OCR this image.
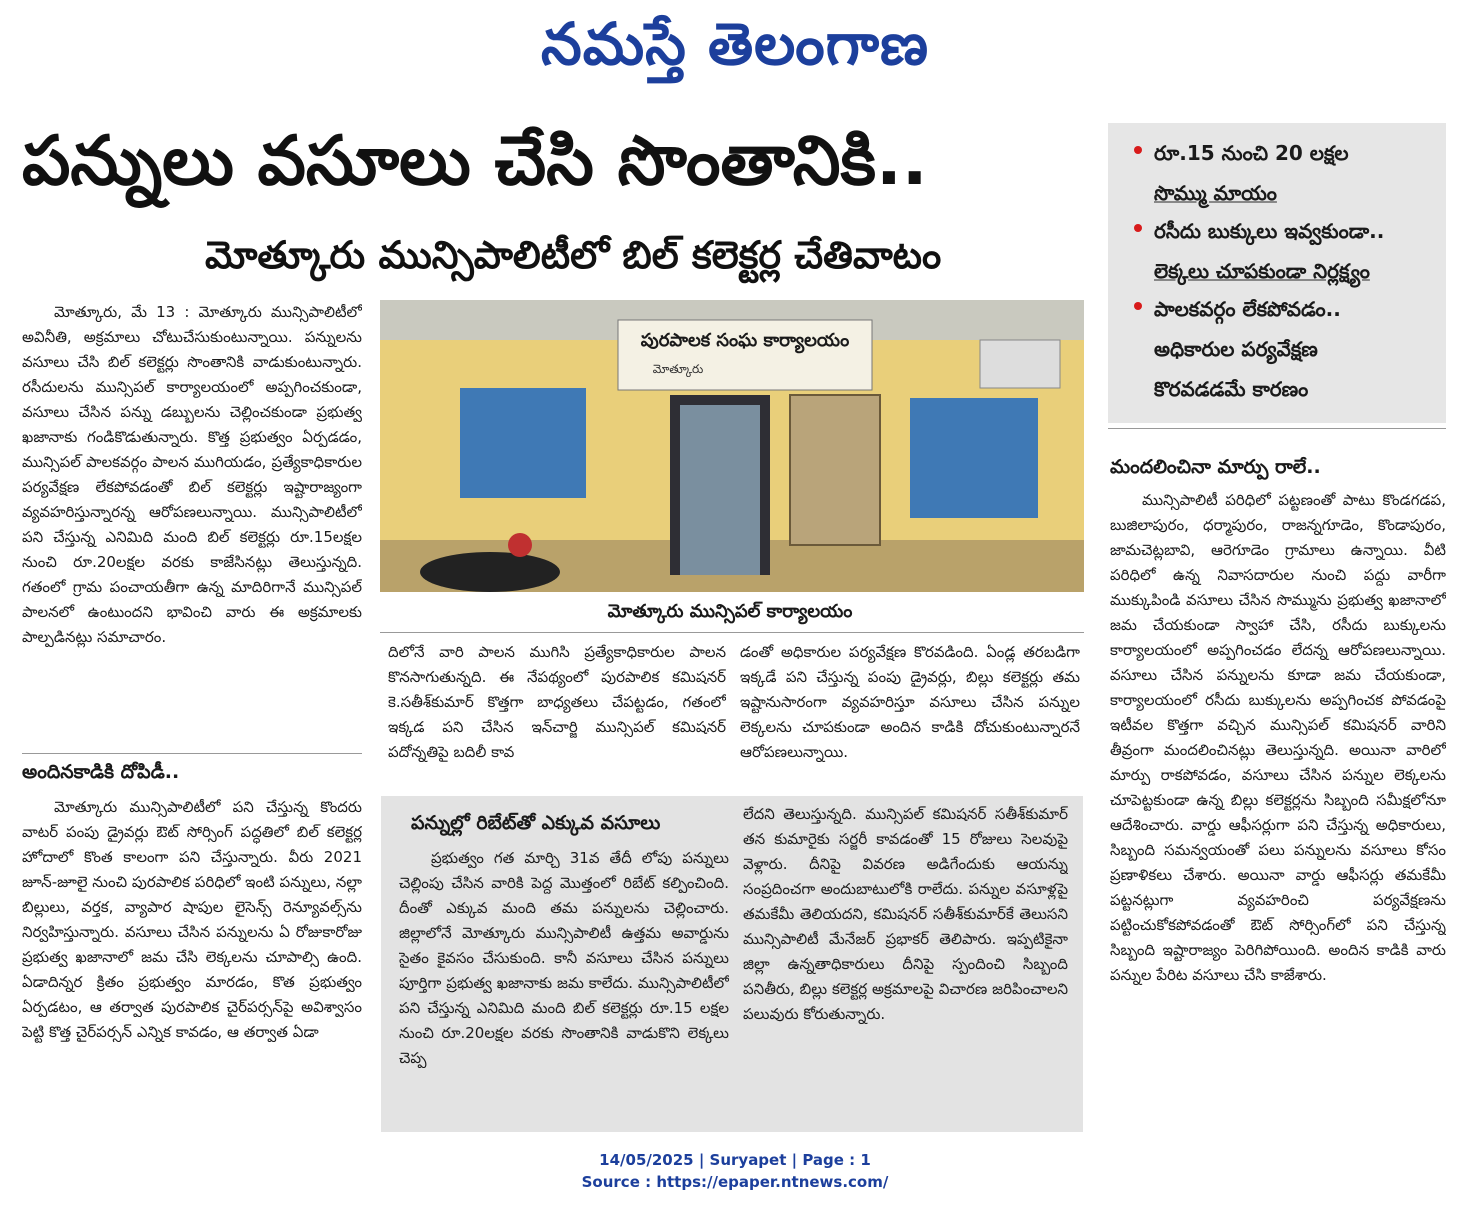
నమస్తే తెలంగాణ
పన్నులు వసూలు చేసి సొంతానికి..
మోత్కూరు మున్సిపాలిటీలో బిల్ కలెక్టర్ల చేతివాటం
రూ.15 నుంచి 20 లక్షల
సొమ్ము మాయం
రసీదు బుక్కులు ఇవ్వకుండా..
లెక్కలు చూపకుండా నిర్లక్ష్యం
పాలకవర్గం లేకపోవడం..
అధికారుల పర్యవేక్షణ
కొరవడడమే కారణం

మోత్కూరు, మే 13 : మోత్కూరు మున్సిపాలిటీలో అవినీతి, అక్రమాలు చోటుచేసుకుంటున్నాయి. పన్నులను వసూలు చేసి బిల్ కలెక్టర్లు సొంతానికి వాడుకుంటున్నారు. రసీదులను మున్సిపల్ కార్యాలయంలో అప్పగించకుండా, వసూలు చేసిన పన్ను డబ్బులను చెల్లించకుండా ప్రభుత్వ ఖజానాకు గండికొడుతున్నారు. కొత్త ప్రభుత్వం ఏర్పడడం, మున్సిపల్ పాలకవర్గం పాలన ముగియడం, ప్రత్యేకాధికారుల పర్యవేక్షణ లేకపోవడంతో బిల్ కలెక్టర్లు ఇష్టారాజ్యంగా వ్యవహరిస్తున్నారన్న ఆరోపణలున్నాయి. మున్సిపాలిటీలో పని చేస్తున్న ఎనిమిది మంది బిల్ కలెక్టర్లు రూ.15లక్షల నుంచి రూ.20లక్షల వరకు కాజేసినట్లు తెలుస్తున్నది. గతంలో గ్రామ పంచాయతీగా ఉన్న మాదిరిగానే మున్సిపల్ పాలనలో ఉంటుందని భావించి వారు ఈ అక్రమాలకు పాల్పడినట్లు సమాచారం.

అందినకాడికి దోపిడీ..

మోత్కూరు మున్సిపాలిటీలో పని చేస్తున్న కొందరు వాటర్ పంపు డ్రైవర్లు ఔట్ సోర్సింగ్ పద్ధతిలో బిల్ కలెక్టర్ల హోదాలో కొంత కాలంగా పని చేస్తున్నారు. వీరు 2021 జూన్-జూలై నుంచి పురపాలిక పరిధిలో ఇంటి పన్నులు, నల్లా బిల్లులు, వర్తక, వ్యాపార షాపుల లైసెన్స్ రెన్యూవల్స్‌ను నిర్వహిస్తున్నారు. వసూలు చేసిన పన్నులను ఏ రోజుకారోజు ప్రభుత్వ ఖజానాలో జమ చేసి లెక్కలను చూపాల్సి ఉంది. ఏడాదిన్నర క్రితం ప్రభుత్వం మారడం, కొత ప్రభుత్వం ఏర్పడటం, ఆ తర్వాత పురపాలిక చైర్‌పర్సన్‌పై అవిశ్వాసం పెట్టి కొత్త చైర్‌పర్సన్ ఎన్నిక కావడం, ఆ తర్వాత ఏడా

పురపాలక సంఘ కార్యాలయం
మోత్కూరు
మోత్కూరు మున్సిపల్ కార్యాలయం

దిలోనే వారి పాలన ముగిసి ప్రత్యేకాధికారుల పాలన కొనసాగుతున్నది. ఈ నేపథ్యంలో పురపాలిక కమిషనర్ కె.సతీశ్‌కుమార్ కొత్తగా బాధ్యతలు చేపట్టడం, గతంలో ఇక్కడ పని చేసిన ఇన్‌చార్జి మున్సిపల్ కమిషనర్ పదోన్నతిపై బదిలీ కావ

డంతో అధికారుల పర్యవేక్షణ కొరవడింది. ఏండ్ల తరబడిగా ఇక్కడే పని చేస్తున్న పంపు డ్రైవర్లు, బిల్లు కలెక్టర్లు తమ ఇష్టానుసారంగా వ్యవహరిస్తూ వసూలు చేసిన పన్నుల లెక్కలను చూపకుండా అందిన కాడికి దోచుకుంటున్నారనే ఆరోపణలున్నాయి.

పన్నుల్లో రిబేట్‌తో ఎక్కువ వసూలు

ప్రభుత్వం గత మార్చి 31వ తేదీ లోపు పన్నులు చెల్లింపు చేసిన వారికి పెద్ద మొత్తంలో రిబేట్ కల్పించింది. దీంతో ఎక్కువ మంది తమ పన్నులను చెల్లించారు. జిల్లాలోనే మోత్కూరు మున్సిపాలిటీ ఉత్తమ అవార్డును సైతం కైవసం చేసుకుంది. కానీ వసూలు చేసిన పన్నులు పూర్తిగా ప్రభుత్వ ఖజానాకు జమ కాలేదు. మున్సిపాలిటీలో పని చేస్తున్న ఎనిమిది మంది బిల్ కలెక్టర్లు రూ.15 లక్షల నుంచి రూ.20లక్షల వరకు సొంతానికి వాడుకొని లెక్కలు చెప్ప

లేదని తెలుస్తున్నది. మున్సిపల్ కమిషనర్ సతీశ్‌కుమార్ తన కుమారైకు సర్జరీ కావడంతో 15 రోజులు సెలవుపై వెళ్లారు. దీనిపై వివరణ అడిగేందుకు ఆయన్ను సంప్రదించగా అందుబాటులోకి రాలేదు. పన్నుల వసూళ్లపై తమకేమీ తెలియదని, కమిషనర్ సతీశ్‌కుమార్‌కే తెలుసని మున్సిపాలిటీ మేనేజర్ ప్రభాకర్ తెలిపారు. ఇప్పటికైనా జిల్లా ఉన్నతాధికారులు దీనిపై స్పందించి సిబ్బంది పనితీరు, బిల్లు కలెక్టర్ల అక్రమాలపై విచారణ జరిపించాలని పలువురు కోరుతున్నారు.

మందలించినా మార్పు రాలే..

మున్సిపాలిటీ పరిధిలో పట్టణంతో పాటు కొండగడప, బుజిలాపురం, ధర్మాపురం, రాజన్నగూడెం, కొండాపురం, జామచెట్లబావి, ఆరెగూడెం గ్రామాలు ఉన్నాయి. వీటి పరిధిలో ఉన్న నివాసదారుల నుంచి పద్దు వారీగా ముక్కుపిండి వసూలు చేసిన సొమ్మును ప్రభుత్వ ఖజానాలో జమ చేయకుండా స్వాహా చేసి, రసీదు బుక్కులను కార్యాలయంలో అప్పగించడం లేదన్న ఆరోపణలున్నాయి. వసూలు చేసిన పన్నులను కూడా జమ చేయకుండా, కార్యాలయంలో రసీదు బుక్కులను అప్పగించక పోవడంపై ఇటీవల కొత్తగా వచ్చిన మున్సిపల్ కమిషనర్ వారిని తీవ్రంగా మందలించినట్లు తెలుస్తున్నది. అయినా వారిలో మార్పు రాకపోవడం, వసూలు చేసిన పన్నుల లెక్కలను చూపెట్టకుండా ఉన్న బిల్లు కలెక్టర్లను సిబ్బంది సమీక్షలోనూ ఆదేశించారు. వార్డు ఆఫీసర్లుగా పని చేస్తున్న అధికారులు, సిబ్బంది సమన్వయంతో పలు పన్నులను వసూలు కోసం ప్రణాళికలు చేశారు. అయినా వార్డు ఆఫీసర్లు తమకేమీ పట్టనట్లుగా వ్యవహరించి పర్యవేక్షణను పట్టించుకోకపోవడంతో ఔట్ సోర్సింగ్‌లో పని చేస్తున్న సిబ్బంది ఇష్టారాజ్యం పెరిగిపోయింది. అందిన కాడికి వారు పన్నుల పేరిట వసూలు చేసి కాజేశారు.

14/05/2025 | Suryapet | Page : 1
Source : https://epaper.ntnews.com/
